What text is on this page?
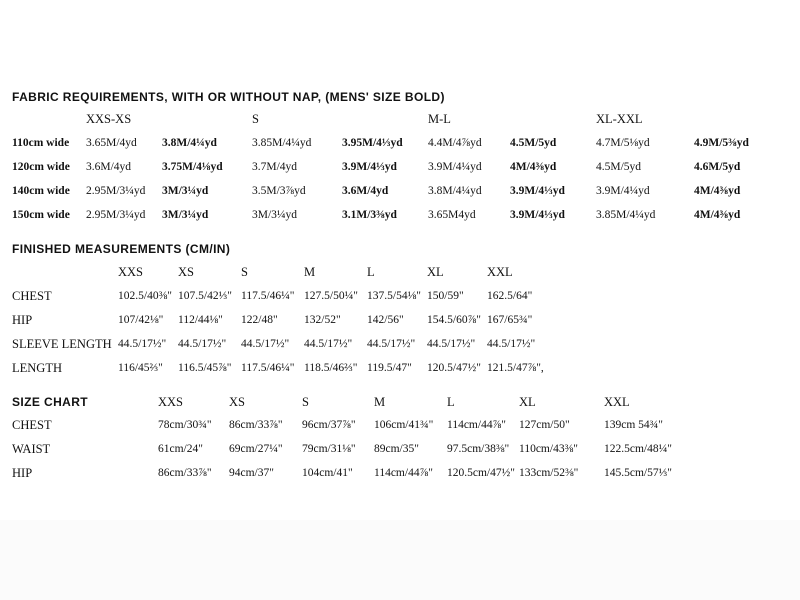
FABRIC REQUIREMENTS, WITH OR WITHOUT NAP, (MENS' SIZE BOLD)
XXS-XS	S	M-L	XL-XXL
110cm wide 3.65M/4yd 3.8M/4¼yd	3.85M/4¼yd	3.95M/4⅓yd 4.4M/4⅞yd 4.5M/5yd	4.7M/5⅛yd	4.9M/5⅜yd
120cm wide 3.6M/4yd	3.75M/4⅛yd	3.7M/4yd	3.9M/4⅓yd	3.9M/4¼yd 4M/4⅜yd	4.5M/5yd	4.6M/5yd
140cm wide 2.95M/3¼yd 3M/3¼yd	3.5M/3⅞yd	3.6M/4yd	3.8M/4¼yd 3.9M/4⅓yd	3.9M/4¼yd	4M/4⅜yd
150cm wide 2.95M/3¼yd 3M/3¼yd	3M/3¼yd	3.1M/3⅜yd	3.65M4yd	3.9M/4⅓yd	3.85M/4¼yd	4M/4⅜yd
FINISHED MEASUREMENTS (CM/IN)
XXS	XS	S	M	L	XL	XXL
CHEST	102.5/40⅜" 107.5/42⅓" 117.5/46¼" 127.5/50¼" 137.5/54⅛" 150/59" 162.5/64"
HIP	107/42⅛" 112/44⅛" 122/48" 132/52" 142/56" 154.5/60⅞" 167/65¾"
SLEEVE LENGTH 44.5/17½" 44.5/17½" 44.5/17½" 44.5/17½" 44.5/17½" 44.5/17½" 44.5/17½"
LENGTH	116/45⅔" 116.5/45⅞" 117.5/46¼" 118.5/46⅔" 119.5/47" 120.5/47½" 121.5/47⅞",
SIZE CHART	XXS	XS	S	M	L	XL	XXL
CHEST	78cm/30¾" 86cm/33⅞" 96cm/37⅞" 106cm/41¾" 114cm/44⅞" 127cm/50"	139cm 54¾"
WAIST	61cm/24" 69cm/27¼" 79cm/31⅛" 89cm/35" 97.5cm/38⅜" 110cm/43⅜" 122.5cm/48¼"
HIP	86cm/33⅞" 94cm/37" 104cm/41" 114cm/44⅞" 120.5cm/47½" 133cm/52⅜" 145.5cm/57⅓"
